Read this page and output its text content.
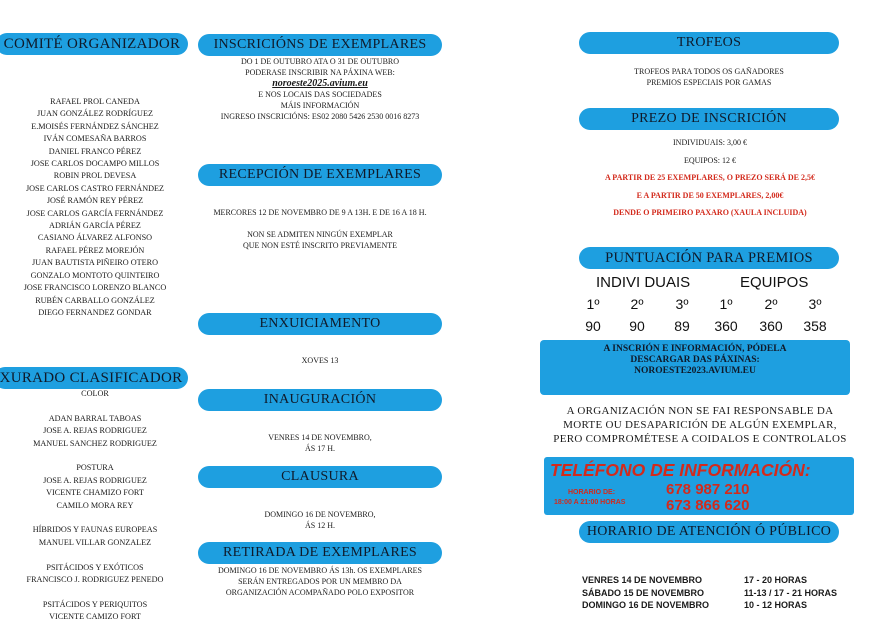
COMITÉ ORGANIZADOR
RAFAEL PROL CANEDA
JUAN GONZÁLEZ RODRÍGUEZ
E.MOISÉS FERNÁNDEZ SÁNCHEZ
IVÁN COMESAÑA BARROS
DANIEL FRANCO PÉREZ
JOSE CARLOS DOCAMPO MILLOS
ROBIN PROL DEVESA
JOSE CARLOS CASTRO FERNÁNDEZ
JOSÉ RAMÓN REY PÉREZ
JOSE CARLOS GARCÍA FERNÁNDEZ
ADRIÁN GARCÍA PÉREZ
CASIANO ÁLVAREZ ALFONSO
RAFAEL PÉREZ MOREJÓN
JUAN BAUTISTA PIÑEIRO OTERO
GONZALO MONTOTO QUINTEIRO
JOSE FRANCISCO LORENZO BLANCO
RUBÉN CARBALLO GONZÁLEZ
DIEGO FERNANDEZ GONDAR
XURADO CLASIFICADOR
COLOR
ADAN BARRAL TABOAS
JOSE A. REJAS RODRIGUEZ
MANUEL SANCHEZ RODRIGUEZ
POSTURA
JOSE A. REJAS RODRIGUEZ
VICENTE CHAMIZO FORT
CAMILO MORA REY
HÍBRIDOS Y FAUNAS EUROPEAS
MANUEL VILLAR GONZALEZ
PSITÁCIDOS Y EXÓTICOS
FRANCISCO J. RODRIGUEZ PENEDO
PSITÁCIDOS Y PERIQUITOS
VICENTE CAMIZO FORT
INSCRICIÓNS DE EXEMPLARES
DO 1 DE OUTUBRO ATA O 31 DE OUTUBRO
PODERASE INSCRIBIR NA PÁXINA WEB:
noroeste2025.avium.eu
E NOS LOCAIS DAS SOCIEDADES
MÁIS INFORMACIÓN
INGRESO INSCRICIÓNS: ES02 2080 5426 2530 0016 8273
RECEPCIÓN DE EXEMPLARES
MERCORES 12 DE NOVEMBRO DE 9 A 13H. E DE 16 A 18 H.
NON SE ADMITEN NINGÚN EXEMPLAR
QUE NON ESTÉ INSCRITO PREVIAMENTE
ENXUICIAMENTO
XOVES 13
INAUGURACIÓN
VENRES 14 DE NOVEMBRO,
ÁS 17 H.
CLAUSURA
DOMINGO 16 DE NOVEMBRO,
ÁS 12 H.
RETIRADA DE EXEMPLARES
DOMINGO 16 DE NOVEMBRO ÁS 13h. OS EXEMPLARES
SERÁN ENTREGADOS POR UN MEMBRO DA
ORGANIZACIÓN ACOMPAÑADO POLO EXPOSITOR
TROFEOS
TROFEOS PARA TODOS OS GAÑADORES
PREMIOS ESPECIAIS POR GAMAS
PREZO DE INSCRICIÓN
INDIVIDUAIS: 3,00 €
EQUIPOS: 12 €
A PARTIR DE 25 EXEMPLARES, O PREZO SERÁ DE 2,5€
E A PARTIR DE 50 EXEMPLARES, 2,00€
DENDE O PRIMEIRO PAXARO (XAULA INCLUIDA)
PUNTUACIÓN PARA PREMIOS
INDIVI DUAIS	EQUIPOS
1º	2º	3º	1º	2º	3º
90	90	89	360	360	358
A INSCRIÓN E INFORMACIÓN, PÓDELA
DESCARGAR DAS PÁXINAS:
NOROESTE2023.AVIUM.EU
A ORGANIZACIÓN NON SE FAI RESPONSABLE DA
MORTE OU DESAPARICIÓN DE ALGÚN EXEMPLAR,
PERO COMPROMÉTESE A COIDALOS E CONTROLALOS
TELÉFONO DE INFORMACIÓN:
HORARIO DE:
18:00 A 21:00 HORAS
678 987 210
673 866 620
HORARIO DE ATENCIÓN Ó PÚBLICO
VENRES 14 DE NOVEMBRO	17 - 20 HORAS
SÁBADO 15 DE NOVEMBRO	11-13 / 17 - 21 HORAS
DOMINGO 16 DE NOVEMBRO	10 - 12 HORAS
